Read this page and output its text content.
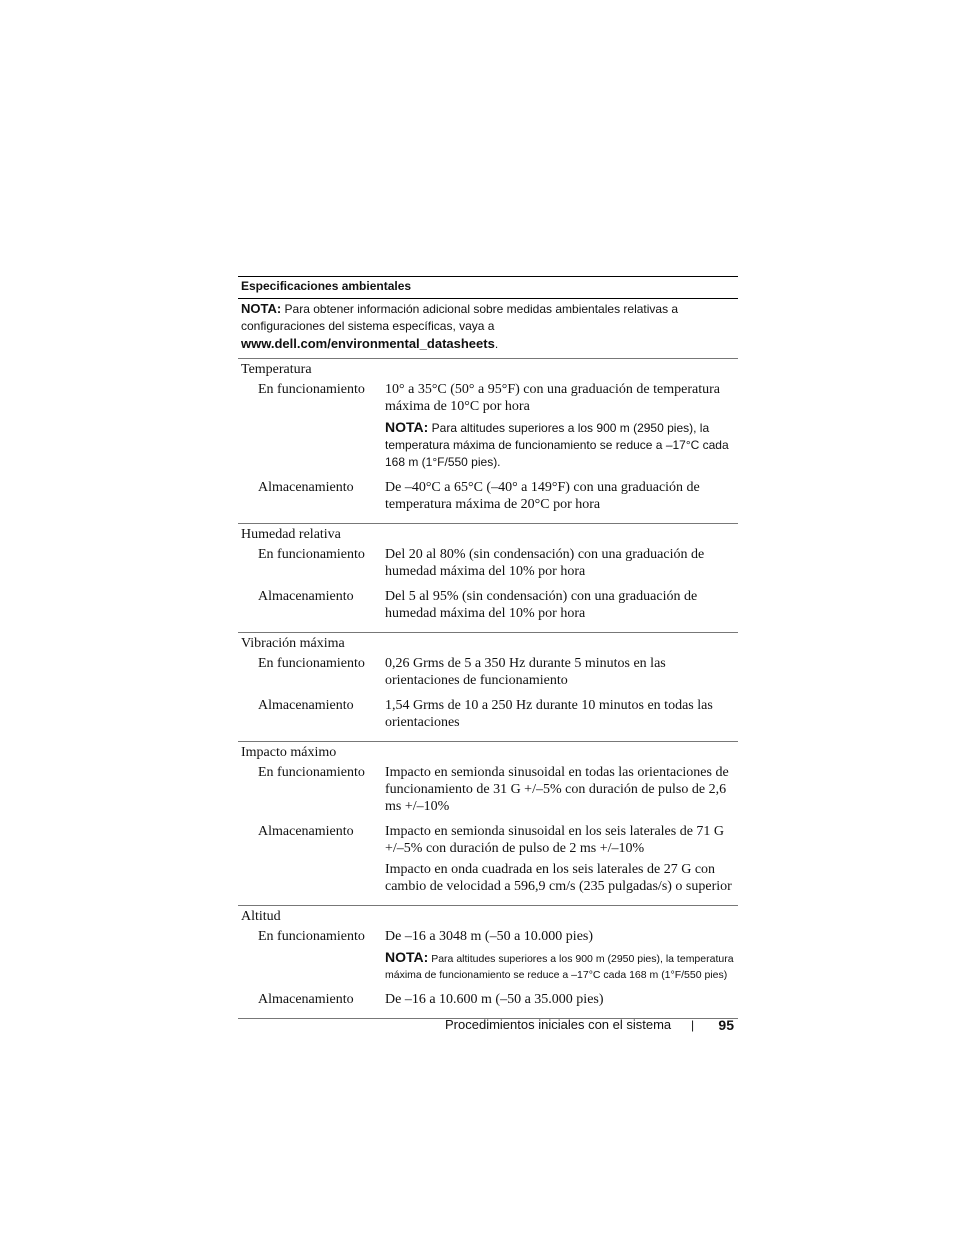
Especificaciones ambientales
NOTA: Para obtener información adicional sobre medidas ambientales relativas a configuraciones del sistema específicas, vaya a www.dell.com/environmental_datasheets.
Temperatura
En funcionamiento	10° a 35°C (50° a 95°F) con una graduación de temperatura máxima de 10°C por hora

NOTA: Para altitudes superiores a los 900 m (2950 pies), la temperatura máxima de funcionamiento se reduce a –17°C cada 168 m (1°F/550 pies).
Almacenamiento	De –40°C a 65°C (–40° a 149°F) con una graduación de temperatura máxima de 20°C por hora

Humedad relativa
En funcionamiento	Del 20 al 80% (sin condensación) con una graduación de humedad máxima del 10% por hora

Almacenamiento	Del 5 al 95% (sin condensación) con una graduación de humedad máxima del 10% por hora

Vibración máxima
En funcionamiento	0,26 Grms de 5 a 350 Hz durante 5 minutos en las orientaciones de funcionamiento

Almacenamiento	1,54 Grms de 10 a 250 Hz durante 10 minutos en todas las orientaciones

Impacto máximo
En funcionamiento	Impacto en semionda sinusoidal en todas las orientaciones de funcionamiento de 31 G +/–5% con duración de pulso de 2,6 ms +/–10%

Almacenamiento	Impacto en semionda sinusoidal en los seis laterales de 71 G +/–5% con duración de pulso de 2 ms +/–10%

Impacto en onda cuadrada en los seis laterales de 27 G con cambio de velocidad a 596,9 cm/s (235 pulgadas/s) o superior

Altitud
En funcionamiento	De –16 a 3048 m (–50 a 10.000 pies)

NOTA: Para altitudes superiores a los 900 m (2950 pies), la temperatura máxima de funcionamiento se reduce a –17°C cada 168 m (1°F/550 pies)
Almacenamiento	De –16 a 10.600 m (–50 a 35.000 pies)

Procedimientos iniciales con el sistema | 95
